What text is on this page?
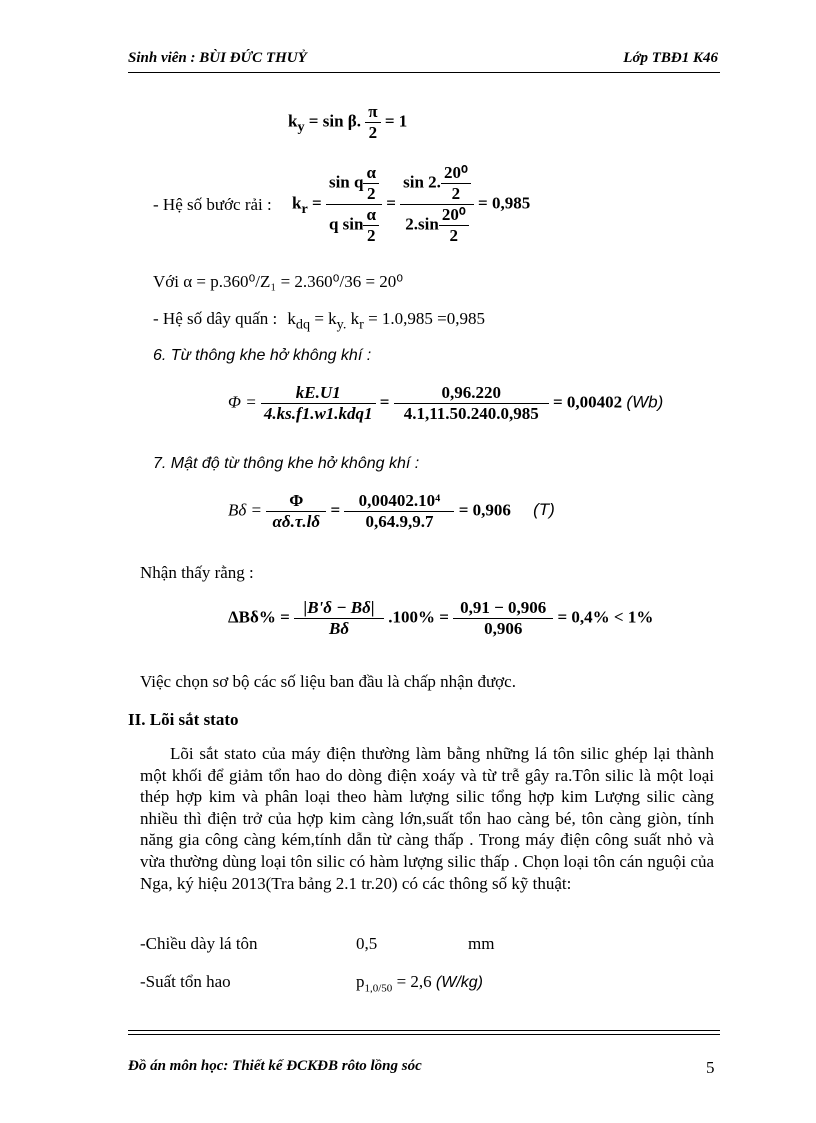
Sinh viên : BÙI ĐỨC THUỶ	Lớp TBĐ1 K46
$k_y = \sin \beta$. $\frac{\pi}{2} = 1$
- Hệ số bước rải : $k_r = \frac{\sin q \frac{\alpha}{2}}{q \sin \frac{\alpha}{2}} = \frac{\sin 2. \frac{\text{20⁰}}{2}}{2.\sin \frac{\text{20⁰}}{2}} = 0,985$
Với α = p.360⁰/Z₁ = 2.360⁰/36 = 20⁰
- Hệ số dây quấn : $k_{dq} = k_{y.}$ $k_r = 1.0,985 =0,985$
6. Từ thông khe hở không khí :
$\Phi = \frac{kE.U1}{\text{4.ks.f1.w1.kdq1}} = \frac{0,96.220}{4.1,11.50.240.0,985} = 0,00402$ (Wb)
7. Mật độ từ thông khe hở không khí :
$B\delta = \frac{\Phi}{\alpha\delta.\tau.l\delta} = \frac{\text{0,00402.10⁴}}{0,64.9,9.7} = 0,906$ (T)
Nhận thấy rằng :
$\Delta B\delta\% = \frac{|B'\delta - B\delta|}{B\delta} .100\% = \frac{0,91 - 0,906}{0,906} = 0,4\% < 1\%$
Việc chọn sơ bộ các số liệu ban đầu là chấp nhận được.
II. Lõi sắt stato
Lõi sắt stato của máy điện thường làm bằng những lá tôn silic ghép lại thành một khối để giảm tổn hao do dòng điện xoáy và từ trễ gây ra.Tôn silic là một loại thép hợp kim và phân loại theo hàm lượng silic tổng hợp kim Lượng silic càng nhiều thì điện trở của hợp kim càng lớn,suất tổn hao càng bé, tôn càng giòn, tính năng gia công càng kém,tính dẫn từ càng thấp . Trong máy điện công suất nhỏ và vừa thường dùng loại tôn silic có hàm lượng silic thấp . Chọn loại tôn cán nguội của Nga, ký hiệu 2013(Tra bảng 2.1 tr.20) có các thông số kỹ thuật:
-Chiều dày lá tôn	0,5	mm
-Suất tổn hao	$p_{1,0/50} = 2,6$ (W/kg)
Đồ án môn học: Thiết kế ĐCKĐB rôto lồng sóc	5
